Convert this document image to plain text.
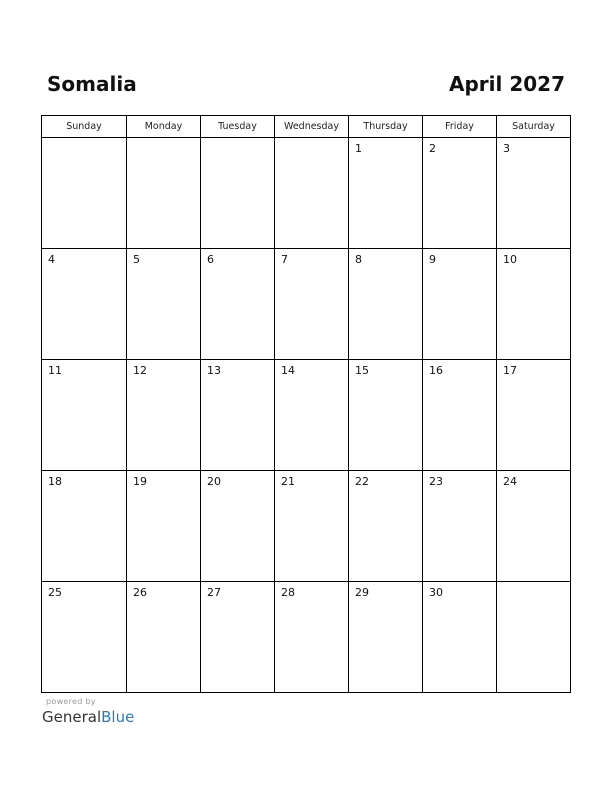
Somalia	April 2027
Sunday	Monday	Tuesday	Wednesday	Thursday	Friday	Saturday

				1	2	3

4	5	6	7	8	9	10

11	12	13	14	15	16	17

18	19	20	21	22	23	24

25	26	27	28	29	30	

powered by

GeneralBlue
